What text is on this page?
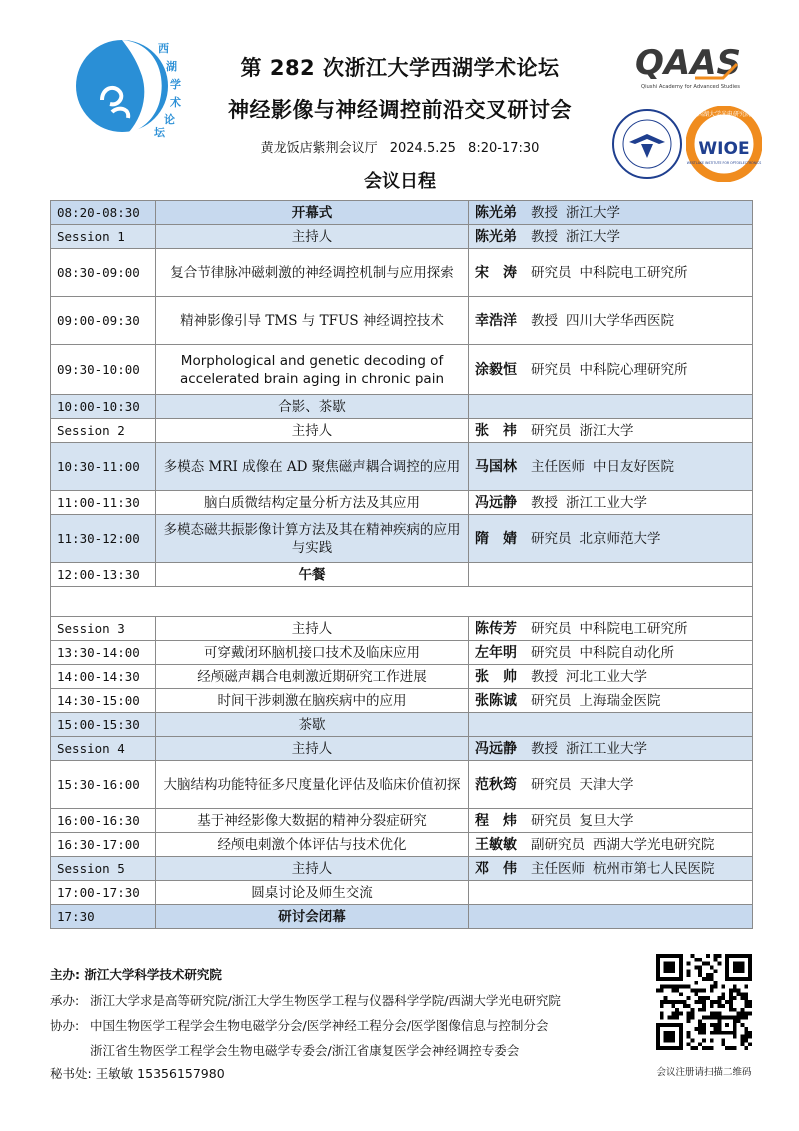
西
湖
学
术
论
坛
第 282 次浙江大学西湖学术论坛
神经影像与神经调控前沿交叉研讨会
黄龙饭店紫荆会议厅 2024.5.25 8:20-17:30
QAAS
Qiushi Academy for Advanced Studies
西湖大学光电研究院
WIOE
WESTLAKE INSTITUTE FOR OPTOELECTRONICS
会议日程
08:20-08:30	开幕式	陈光弟 教授 浙江大学
Session 1	主持人	陈光弟 教授 浙江大学
08:30-09:00	复合节律脉冲磁刺激的神经调控机制与应用探索	宋　涛 研究员 中科院电工研究所
09:00-09:30	精神影像引导 TMS 与 TFUS 神经调控技术	幸浩洋 教授 四川大学华西医院
09:30-10:00	Morphological and genetic decoding of accelerated brain aging in chronic pain	涂毅恒 研究员 中科院心理研究所
10:00-10:30	合影、茶歇	
Session 2	主持人	张　祎 研究员 浙江大学
10:30-11:00	多模态 MRI 成像在 AD 聚焦磁声耦合调控的应用	马国林 主任医师 中日友好医院
11:00-11:30	脑白质微结构定量分析方法及其应用	冯远静 教授 浙江工业大学
11:30-12:00	多模态磁共振影像计算方法及其在精神疾病的应用与实践	隋　婧 研究员 北京师范大学
12:00-13:30	午餐	

Session 3	主持人	陈传芳 研究员 中科院电工研究所
13:30-14:00	可穿戴闭环脑机接口技术及临床应用	左年明 研究员 中科院自动化所
14:00-14:30	经颅磁声耦合电刺激近期研究工作进展	张　帅 教授 河北工业大学
14:30-15:00	时间干涉刺激在脑疾病中的应用	张陈诚 研究员 上海瑞金医院
15:00-15:30	茶歇	
Session 4	主持人	冯远静 教授 浙江工业大学
15:30-16:00	大脑结构功能特征多尺度量化评估及临床价值初探	范秋筠 研究员 天津大学
16:00-16:30	基于神经影像大数据的精神分裂症研究	程　炜 研究员 复旦大学
16:30-17:00	经颅电刺激个体评估与技术优化	王敏敏 副研究员 西湖大学光电研究院
Session 5	主持人	邓　伟 主任医师 杭州市第七人民医院
17:00-17:30	圆桌讨论及师生交流	
17:30	研讨会闭幕	
主办: 浙江大学科学技术研究院
承办: 浙江大学求是高等研究院/浙江大学生物医学工程与仪器科学学院/西湖大学光电研究院
协办: 中国生物医学工程学会生物电磁学分会/医学神经工程分会/医学图像信息与控制分会
浙江省生物医学工程学会生物电磁学专委会/浙江省康复医学会神经调控专委会
秘书处: 王敏敏 15356157980	会议注册请扫描二维码
